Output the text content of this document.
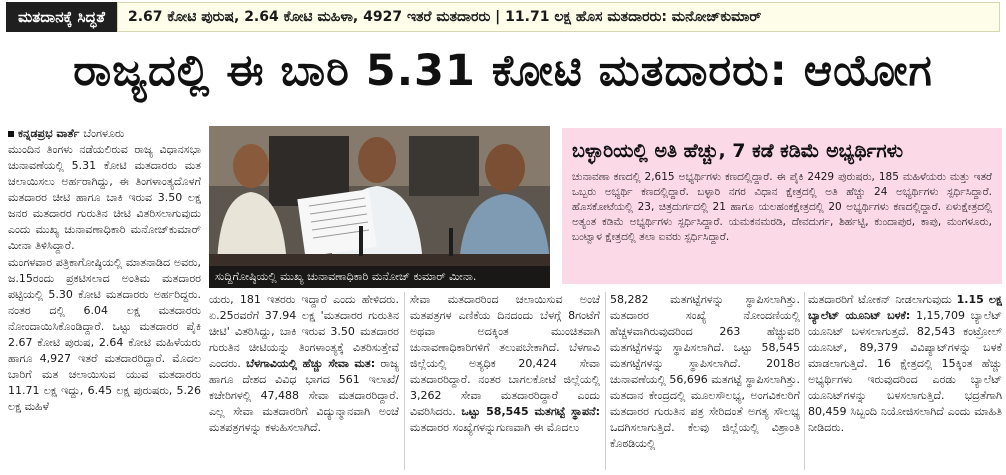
ಮತದಾನಕ್ಕೆ ಸಿದ್ಧತೆ	2.67 ಕೋಟಿ ಪುರುಷ, 2.64 ಕೋಟಿ ಮಹಿಳಾ, 4927 ಇತರೆ ಮತದಾರರು | 11.71 ಲಕ್ಷ ಹೊಸ ಮತದಾರರು: ಮನೋಜ್‌ಕುಮಾರ್
ರಾಜ್ಯದಲ್ಲಿ ಈ ಬಾರಿ 5.31 ಕೋಟಿ ಮತದಾರರು: ಆಯೋಗ
ಕನ್ನಡಪ್ರಭ ವಾರ್ತೆ ಬೆಂಗಳೂರು

ಮುಂದಿನ ತಿಂಗಳು ನಡೆಯಲಿರುವ ರಾಜ್ಯ ವಿಧಾನಸಭಾ ಚುನಾವಣೆಯಲ್ಲಿ 5.31 ಕೋಟಿ ಮತದಾರರು ಮತ ಚಲಾಯಿಸಲು ಅರ್ಹರಾಗಿದ್ದು, ಈ ತಿಂಗಳಾಂತ್ಯದೊಳಗೆ ಮತದಾರರ ಚೀಟಿ ಹಾಗೂ ಬಾಕಿ ಇರುವ 3.50 ಲಕ್ಷ ಜನರ ಮತದಾರರ ಗುರುತಿನ ಚೀಟಿ ವಿತರಿಸಲಾಗುವುದು ಎಂದು ಮುಖ್ಯ ಚುನಾವಣಾಧಿಕಾರಿ ಮನೋಜ್‌ಕುಮಾರ್ ಮೀನಾ ತಿಳಿಸಿದ್ದಾರೆ.

ಮಂಗಳವಾರ ಪತ್ರಿಕಾಗೋಷ್ಠಿಯಲ್ಲಿ ಮಾತನಾಡಿದ ಅವರು, ಜ.15ರಂದು ಪ್ರಕಟಿಸಲಾದ ಅಂತಿಮ ಮತದಾರರ ಪಟ್ಟಿಯಲ್ಲಿ 5.30 ಕೋಟಿ ಮತದಾರರು ಅರ್ಹರಿದ್ದರು. ನಂತರ ದಲ್ಲಿ 6.04 ಲಕ್ಷ ಮತದಾರರು ನೋಂದಾಯಿಸಿಕೊಂಡಿದ್ದಾರೆ. ಒಟ್ಟು ಮತದಾರರ ಪೈಕಿ 2.67 ಕೋಟಿ ಪುರುಷ, 2.64 ಕೋಟಿ ಮಹಿಳೆಯರು ಹಾಗೂ 4,927 ಇತರೆ ಮತದಾರರಿದ್ದಾರೆ. ಮೊದಲ ಬಾರಿಗೆ ಮತ ಚಲಾಯಿಸುವ ಯುವ ಮತದಾರರು 11.71 ಲಕ್ಷ ಇದ್ದು, 6.45 ಲಕ್ಷ ಪುರುಷರು, 5.26 ಲಕ್ಷ ಮಹಿಳೆ

ಸುದ್ದಿಗೋಷ್ಠಿಯಲ್ಲಿ ಮುಖ್ಯ ಚುನಾವಣಾಧಿಕಾರಿ ಮನೋಜ್ ಕುಮಾರ್ ಮೀನಾ.
ಬಳ್ಳಾರಿಯಲ್ಲಿ ಅತಿ ಹೆಚ್ಚು, 7 ಕಡೆ ಕಡಿಮೆ ಅಭ್ಯರ್ಥಿಗಳು
ಚುನಾವಣಾ ಕಣದಲ್ಲಿ 2,615 ಅಭ್ಯರ್ಥಿಗಳು ಕಣದಲ್ಲಿದ್ದಾರೆ. ಈ ಪೈಕಿ 2429 ಪುರುಷರು, 185 ಮಹಿಳೆಯರು ಮತ್ತು ಇತರೆ ಒಬ್ಬರು ಅಭ್ಯರ್ಥಿ ಕಣದಲ್ಲಿದ್ದಾರೆ. ಬಳ್ಳಾರಿ ನಗರ ವಿಧಾನ ಕ್ಷೇತ್ರದಲ್ಲಿ ಅತಿ ಹೆಚ್ಚು 24 ಅಭ್ಯರ್ಥಿಗಳು ಸ್ಪರ್ಧಿಸಿದ್ದಾರೆ. ಹೊಸಕೋಟೆಯಲ್ಲಿ 23, ಚಿತ್ರದುರ್ಗದಲ್ಲಿ 21 ಹಾಗೂ ಯಲಹಂಕಕ್ಷೇತ್ರದಲ್ಲಿ 20 ಅಭ್ಯರ್ಥಿಗಳು ಕಣದಲ್ಲಿದ್ದಾರೆ. ಏಳುಕ್ಷೇತ್ರದಲ್ಲಿ ಅತ್ಯಂತ ಕಡಿಮೆ ಅಭ್ಯರ್ಥಿಗಳು ಸ್ಪರ್ಧಿಸಿದ್ದಾರೆ. ಯಮಕನಮರಡಿ, ದೇವದುರ್ಗ, ಶಿರ್ಹಟ್ಟಿ, ಕುಂದಾಪುರ, ಕಾಪು, ಮಂಗಳೂರು, ಬಂಟ್ವಾಳ ಕ್ಷೇತ್ರದಲ್ಲಿ ತಲಾ ಐವರು ಸ್ಪರ್ಧಿಸಿದ್ದಾರೆ.
ಯರು, 181 ಇತರರು ಇದ್ದಾರೆ ಎಂದು ಹೇಳಿದರು. ಏ.25ರವರೆಗೆ 37.94 ಲಕ್ಷ 'ಮತದಾರರ ಗುರುತಿನ ಚೀಟಿ' ವಿತರಿಸಿದ್ದು, ಬಾಕಿ ಇರುವ 3.50 ಮತದಾರರ ಗುರುತಿನ ಚೀಟಿಯನ್ನು ತಿಂಗಳಾಂತ್ಯಕ್ಕೆ ವಿತರಿಸುತ್ತೇವೆ ಎಂದರು. ಬೆಳಗಾವಿಯಲ್ಲಿ ಹೆಚ್ಚು ಸೇವಾ ಮತ: ರಾಜ್ಯ ಹಾಗೂ ದೇಶದ ವಿವಿಧ ಭಾಗದ 561 ಇಲಾಖೆ/ಕಚೇರಿಗಳಲ್ಲಿ 47,488 ಸೇವಾ ಮತದಾರರಿದ್ದಾರೆ. ಎಲ್ಲ ಸೇವಾ ಮತದಾರರಿಗೆ ವಿದ್ಯುನ್ಮಾನವಾಗಿ ಅಂಚೆ ಮತಪತ್ರಗಳನ್ನು ಕಳುಹಿಸಲಾಗಿದೆ.
ಸೇವಾ ಮತದಾರರಿಂದ ಚಲಾಯಿಸುವ ಅಂಚೆ ಮತಪತ್ರಗಳ ಎಣಿಕೆಯ ದಿನದಂದು ಬೆಳಗ್ಗೆ 8ಗಂಟೆಗೆ ಅಥವಾ ಅದಕ್ಕಿಂತ ಮುಂಚಿತವಾಗಿ ಚುನಾವಣಾಧಿಕಾರಿಗಳಿಗೆ ತಲುಪಬೇಕಾಗಿದೆ. ಬೆಳಗಾವಿ ಜಿಲ್ಲೆಯಲ್ಲಿ ಅತ್ಯಧಿಕ 20,424 ಸೇವಾ ಮತದಾರರಿದ್ದಾರೆ. ನಂತರ ಬಾಗಲಕೋಟೆ ಜಿಲ್ಲೆಯಲ್ಲಿ 3,262 ಸೇವಾ ಮತದಾರರಿದ್ದಾರೆ ಎಂದು ವಿವರಿಸಿದರು. ಒಟ್ಟು 58,545 ಮತಗಟ್ಟೆ ಸ್ಥಾಪನೆ: ಮತದಾರರ ಸಂಖ್ಯೆಗಳನ್ನುಗುಣವಾಗಿ ಈ ಮೊದಲು
58,282 ಮತಗಟ್ಟೆಗಳನ್ನು ಸ್ಥಾಪಿಸಲಾಗಿತ್ತು. ಮತದಾರರ ಸಂಖ್ಯೆ ನೋಂದಣಿಯಲ್ಲಿ ಹೆಚ್ಚಳವಾಗಿರುವುದರಿಂದ 263 ಹೆಚ್ಚುವರಿ ಮತಗಟ್ಟೆಗಳನ್ನು ಸ್ಥಾಪಿಸಲಾಗಿದೆ. ಒಟ್ಟು 58,545 ಮತಗಟ್ಟೆಗಳನ್ನು ಸ್ಥಾಪಿಸಲಾಗಿದೆ. 2018ರ ಚುನಾವಣೆಯಲ್ಲಿ 56,696 ಮತಗಟ್ಟೆ ಸ್ಥಾಪಿಸಲಾಗಿತ್ತು. ಮತದಾನ ಕೇಂದ್ರದಲ್ಲಿ ಮೂಲಸೌಲಭ್ಯ, ಅಂಗವಿಕಲರಿಗೆ ಮತದಾರರ ಗುರುತಿನ ಪತ್ರ ಸೇರಿದಂತೆ ಅಗತ್ಯ ಸೌಲಭ್ಯ ಒದಗಿಸಲಾಗುತ್ತಿದೆ. ಕೆಲವು ಜಿಲ್ಲೆಯಲ್ಲಿ ವಿಶ್ರಾಂತಿ ಕೊಠಡಿಯಲ್ಲಿ
ಮತದಾರರಿಗೆ ಟೋಕನ್ ನೀಡಲಾಗುವುದು 1.15 ಲಕ್ಷ ಬ್ಯಾಲೆಟ್ ಯೂನಿಟ್ ಬಳಕೆ: 1,15,709 ಬ್ಯಾಲೆಟ್ ಯೂನಿಟ್ ಬಳಸಲಾಗುತ್ತದೆ. 82,543 ಕಂಟ್ರೋಲ್ ಯೂನಿಟ್, 89,379 ವಿವಿಪ್ಯಾಟ್‌ಗಳನ್ನು ಬಳಕೆ ಮಾಡಲಾಗುತ್ತಿದೆ. 16 ಕ್ಷೇತ್ರದಲ್ಲಿ 15ಕ್ಕಿಂತ ಹೆಚ್ಚು ಅಭ್ಯರ್ಥಿಗಳು ಇರುವುದರಿಂದ ಎರಡು ಬ್ಯಾಲೆಟ್ ಯೂನಿಟ್‌ಗಳನ್ನು ಬಳಸಲಾಗುತ್ತಿದೆ. ಭದ್ರತೆಗಾಗಿ 80,459 ಸಿಬ್ಬಂದಿ ನಿಯೋಜಿಸಲಾಗಿದೆ ಎಂದು ಮಾಹಿತಿ ನೀಡಿದರು.
